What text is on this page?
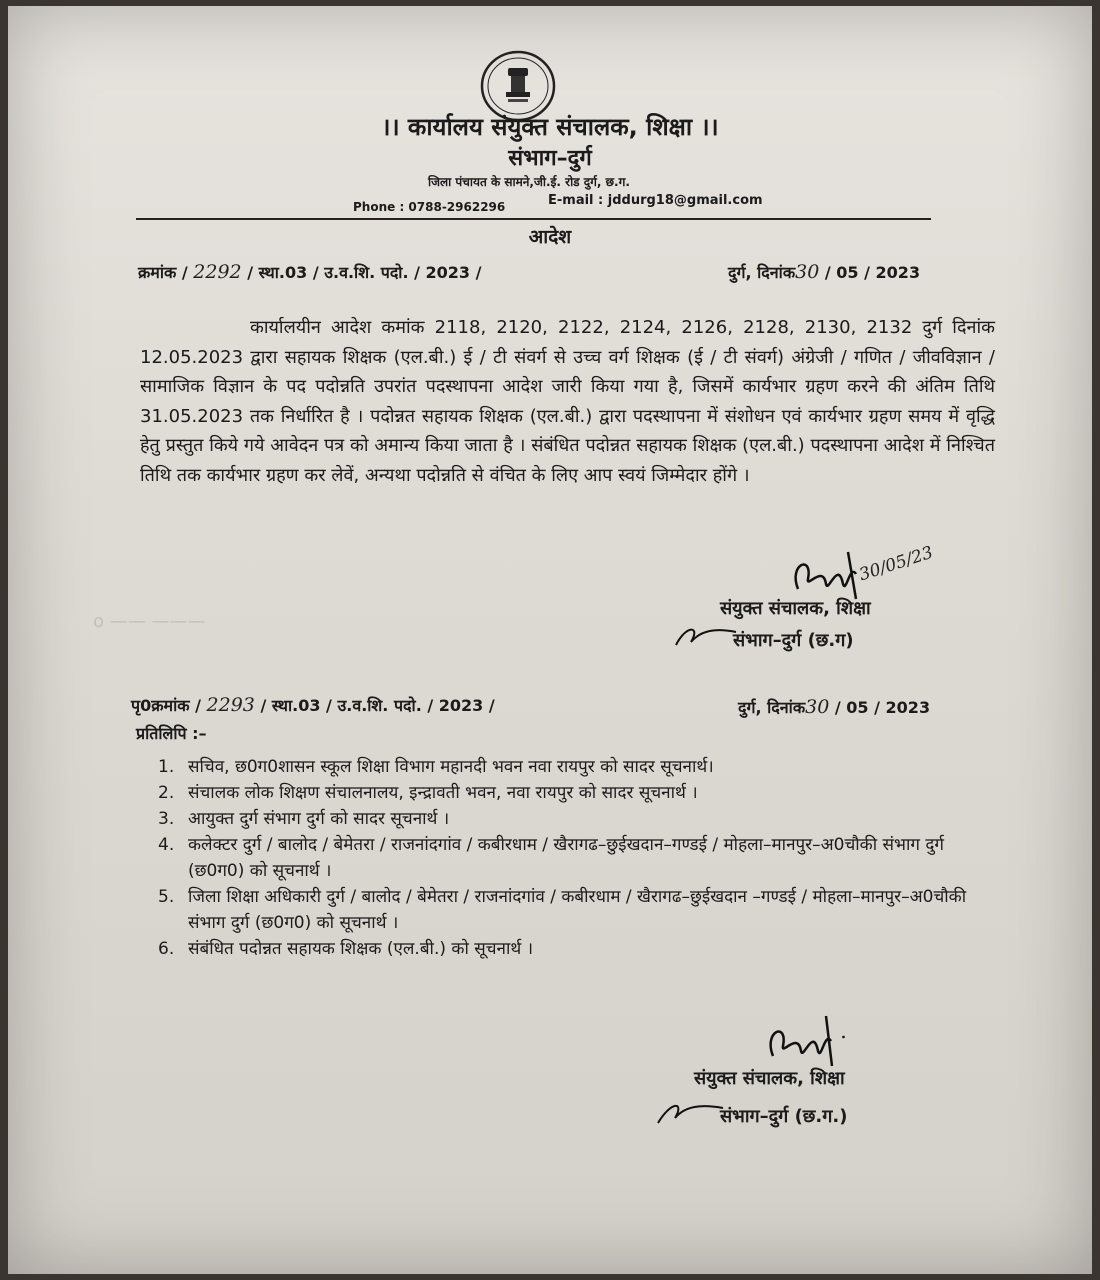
।। कार्यालय संयुक्त संचालक, शिक्षा ।।
संभाग–दुर्ग
जिला पंचायत के सामने,जी.ई. रोड दुर्ग, छ.ग.
Phone : 0788-2962296	E-mail : jddurg18@gmail.com
आदेश
क्रमांक / 2292 / स्था.03 / उ.व.शि. पदो. / 2023 /	दुर्ग, दिनांक30 / 05 / 2023
कार्यालयीन आदेश कमांक 2118, 2120, 2122, 2124, 2126, 2128, 2130, 2132 दुर्ग दिनांक 12.05.2023 द्वारा सहायक शिक्षक (एल.बी.) ई / टी संवर्ग से उच्च वर्ग शिक्षक (ई / टी संवर्ग) अंग्रेजी / गणित / जीवविज्ञान / सामाजिक विज्ञान के पद पदोन्नति उपरांत पदस्थापना आदेश जारी किया गया है, जिसमें कार्यभार ग्रहण करने की अंतिम तिथि 31.05.2023 तक निर्धारित है । पदोन्नत सहायक शिक्षक (एल.बी.) द्वारा पदस्थापना में संशोधन एवं कार्यभार ग्रहण समय में वृद्धि हेतु प्रस्तुत किये गये आवेदन पत्र को अमान्य किया जाता है । संबंधित पदोन्नत सहायक शिक्षक (एल.बी.) पदस्थापना आदेश में निश्चित तिथि तक कार्यभार ग्रहण कर लेवें, अन्यथा पदोन्नति से वंचित के लिए आप स्वयं जिम्मेदार होंगे ।
ᴏ —— ———
30/05/23
संयुक्त संचालक, शिक्षा
संभाग–दुर्ग (छ.ग)
पृ0क्रमांक / 2293 / स्था.03 / उ.व.शि. पदो. / 2023 /	दुर्ग, दिनांक30 / 05 / 2023
प्रतिलिपि :–
1. सचिव, छ0ग0शासन स्कूल शिक्षा विभाग महानदी भवन नवा रायपुर को सादर सूचनार्थ।
2. संचालक लोक शिक्षण संचालनालय, इन्द्रावती भवन, नवा रायपुर को सादर सूचनार्थ ।
3. आयुक्त दुर्ग संभाग दुर्ग को सादर सूचनार्थ ।
4. कलेक्टर दुर्ग / बालोद / बेमेतरा / राजनांदगांव / कबीरधाम / खैरागढ–छुईखदान–गण्डई / मोहला–मानपुर–अ0चौकी संभाग दुर्ग (छ0ग0) को सूचनार्थ ।
5. जिला शिक्षा अधिकारी दुर्ग / बालोद / बेमेतरा / राजनांदगांव / कबीरधाम / खैरागढ–छुईखदान –गण्डई / मोहला–मानपुर–अ0चौकी संभाग दुर्ग (छ0ग0) को सूचनार्थ ।
6. संबंधित पदोन्नत सहायक शिक्षक (एल.बी.) को सूचनार्थ ।
संयुक्त संचालक, शिक्षा
संभाग–दुर्ग (छ.ग.)
